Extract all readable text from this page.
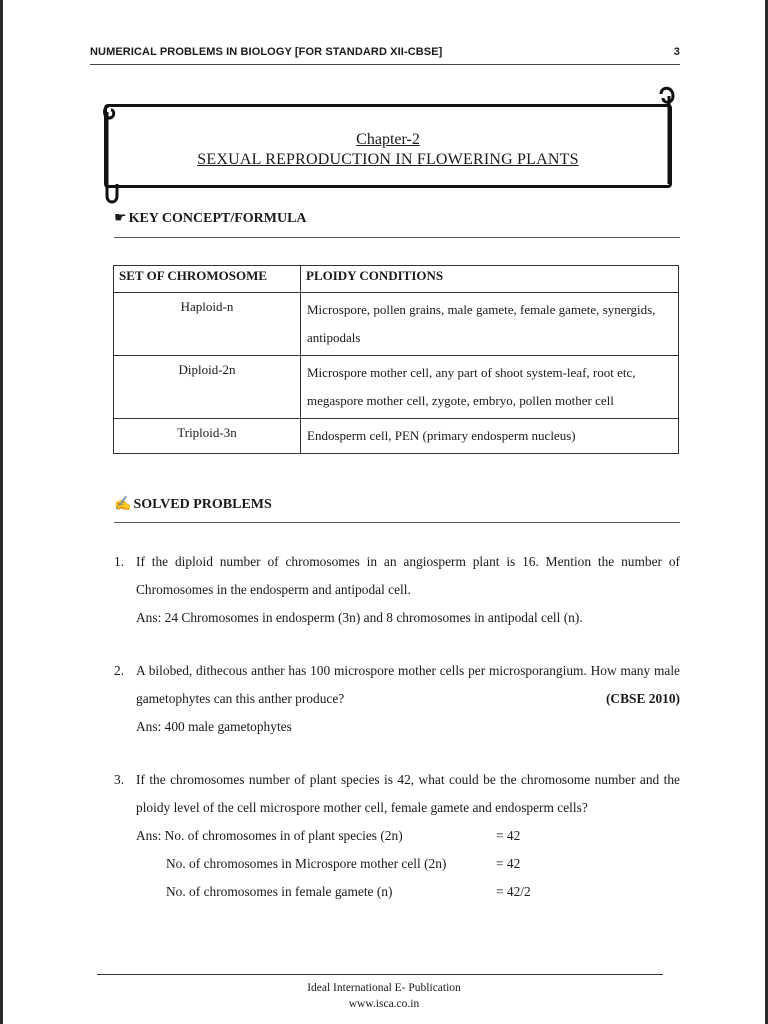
NUMERICAL PROBLEMS IN BIOLOGY [FOR STANDARD XII-CBSE]	3
Chapter-2
SEXUAL REPRODUCTION IN FLOWERING PLANTS
☛ KEY CONCEPT/FORMULA
SET OF CHROMOSOME	PLOIDY CONDITIONS
Haploid-n	Microspore, pollen grains, male gamete, female gamete, synergids, antipodals
Diploid-2n	Microspore mother cell, any part of shoot system-leaf, root etc, megaspore mother cell, zygote, embryo, pollen mother cell
Triploid-3n	Endosperm cell, PEN (primary endosperm nucleus)
✍ SOLVED PROBLEMS
1. If the diploid number of chromosomes in an angiosperm plant is 16. Mention the number of Chromosomes in the endosperm and antipodal cell.
Ans: 24 Chromosomes in endosperm (3n) and 8 chromosomes in antipodal cell (n).
2. A bilobed, dithecous anther has 100 microspore mother cells per microsporangium. How many male gametophytes can this anther produce?	(CBSE 2010)
Ans: 400 male gametophytes
3. If the chromosomes number of plant species is 42, what could be the chromosome number and the ploidy level of the cell microspore mother cell, female gamete and endosperm cells?
Ans: No. of chromosomes in of plant species (2n)	= 42
No. of chromosomes in Microspore mother cell (2n)	= 42
No. of chromosomes in female gamete (n)	= 42/2
Ideal International E- Publication
www.isca.co.in
